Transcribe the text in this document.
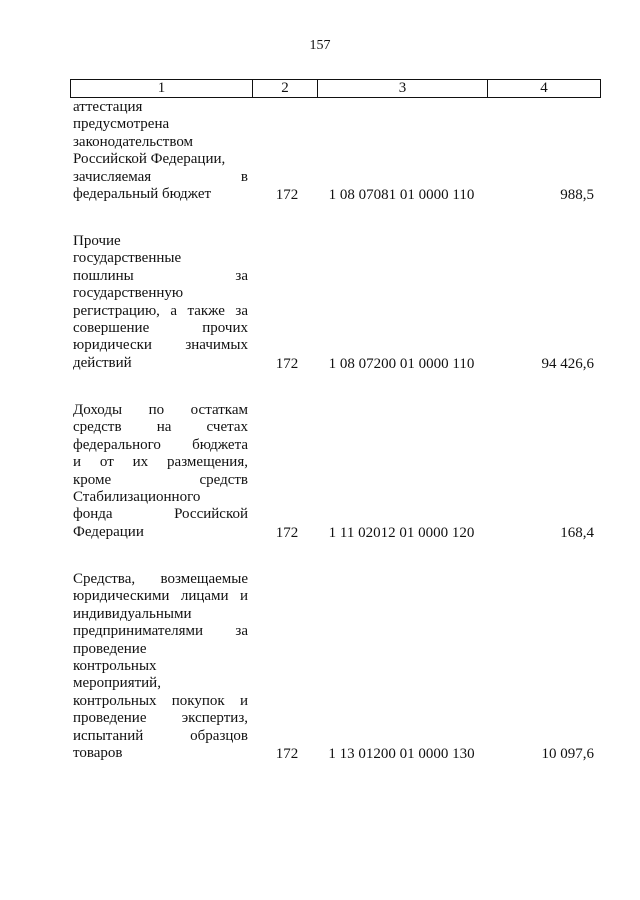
157
1	2	3	4
аттестация
предусмотрена
законодательством
Российской Федерации,
зачисляемая в
федеральный бюджет	172	1 08 07081 01 0000 110	988,5
Прочие
государственные
пошлины за
государственную
регистрацию, а также за
совершение прочих
юридически значимых
действий	172	1 08 07200 01 0000 110	94 426,6
Доходы по остаткам
средств на счетах
федерального бюджета
и от их размещения,
кроме средств
Стабилизационного
фонда Российской
Федерации	172	1 11 02012 01 0000 120	168,4
Средства, возмещаемые
юридическими лицами и
индивидуальными
предпринимателями за
проведение
контрольных
мероприятий,
контрольных покупок и
проведение экспертиз,
испытаний образцов
товаров	172	1 13 01200 01 0000 130	10 097,6
